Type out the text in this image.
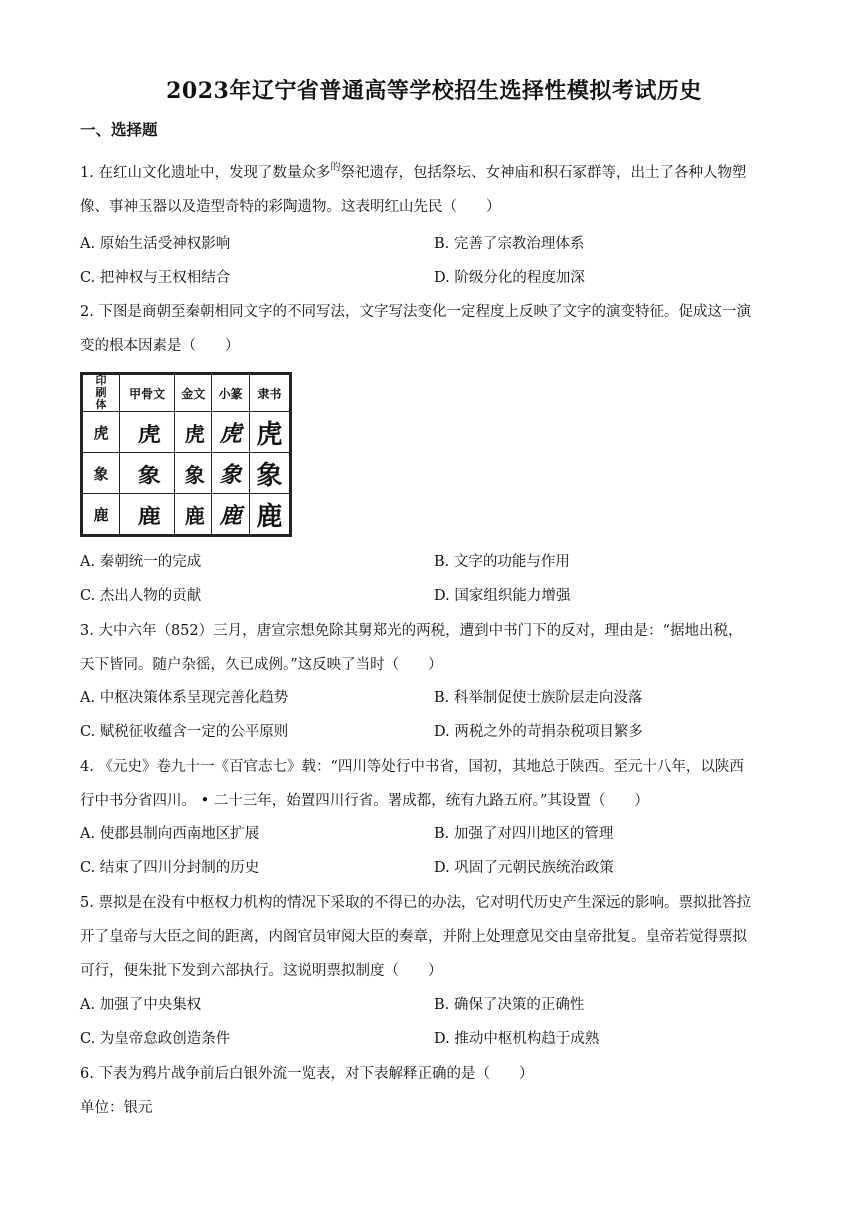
2023年辽宁省普通高等学校招生选择性模拟考试历史
一、选择题
1. 在红山文化遗址中，发现了数量众多$^的$祭祀遗存，包括祭坛、女神庙和积石冢群等，出土了各种人物塑
像、事神玉器以及造型奇特的彩陶遗物。这表明红山先民（　　）
A. 原始生活受神权影响	B. 完善了宗教治理体系
C. 把神权与王权相结合	D. 阶级分化的程度加深
2. 下图是商朝至秦朝相同文字的不同写法，文字写法变化一定程度上反映了文字的演变特征。促成这一演
变的根本因素是（　　）
印刷体	甲骨文	金文	小篆	隶书
虎	虎	虎	虎	虎
象	象	象	象	象
鹿	鹿	鹿	鹿	鹿
A. 秦朝统一的完成	B. 文字的功能与作用
C. 杰出人物的贡献	D. 国家组织能力增强
3. 大中六年（852）三月，唐宣宗想免除其舅郑光的两税，遭到中书门下的反对，理由是：“据地出税，
天下皆同。随户杂徭，久已成例。”这反映了当时（　　）
A. 中枢决策体系呈现完善化趋势	B. 科举制促使士族阶层走向没落
C. 赋税征收蕴含一定的公平原则	D. 两税之外的苛捐杂税项目繁多
4. 《元史》卷九十一《百官志七》载：“四川等处行中书省，国初，其地总于陕西。至元十八年，以陕西
行中书分省四川。 • 二十三年，始置四川行省。署成都，统有九路五府。”其设置（　　）
A. 使郡县制向西南地区扩展	B. 加强了对四川地区的管理
C. 结束了四川分封制的历史	D. 巩固了元朝民族统治政策
5. 票拟是在没有中枢权力机构的情况下采取的不得已的办法，它对明代历史产生深远的影响。票拟批答拉
开了皇帝与大臣之间的距离，内阁官员审阅大臣的奏章，并附上处理意见交由皇帝批复。皇帝若觉得票拟
可行，便朱批下发到六部执行。这说明票拟制度（　　）
A. 加强了中央集权	B. 确保了决策的正确性
C. 为皇帝怠政创造条件	D. 推动中枢机构趋于成熟
6. 下表为鸦片战争前后白银外流一览表，对下表解释正确的是（　　）
单位：银元
